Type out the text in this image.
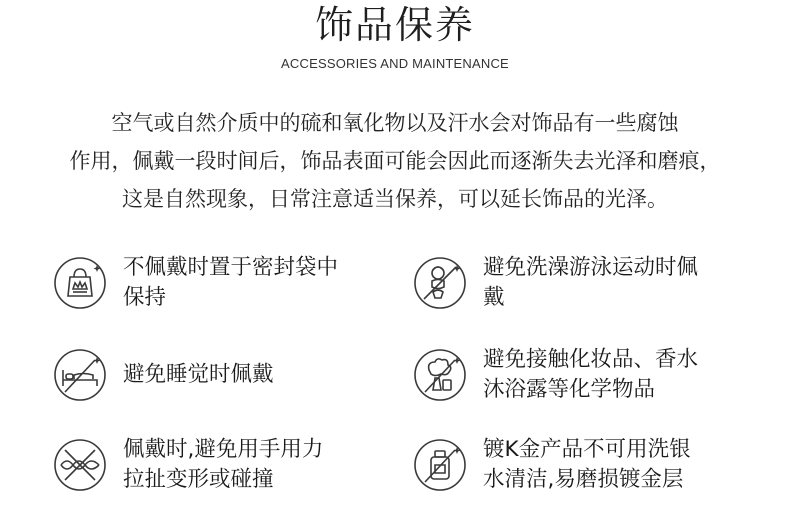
饰品保养
ACCESSORIES AND MAINTENANCE
空气或自然介质中的硫和氧化物以及汗水会对饰品有一些腐蚀
作用，佩戴一段时间后，饰品表面可能会因此而逐渐失去光泽和磨痕，
这是自然现象，日常注意适当保养，可以延长饰品的光泽。
不佩戴时置于密封袋中
保持
避免洗澡游泳运动时佩
戴
避免睡觉时佩戴
避免接触化妆品、香水
沐浴露等化学物品
佩戴时,避免用手用力
拉扯变形或碰撞
镀K金产品不可用洗银
水清洁,易磨损镀金层
